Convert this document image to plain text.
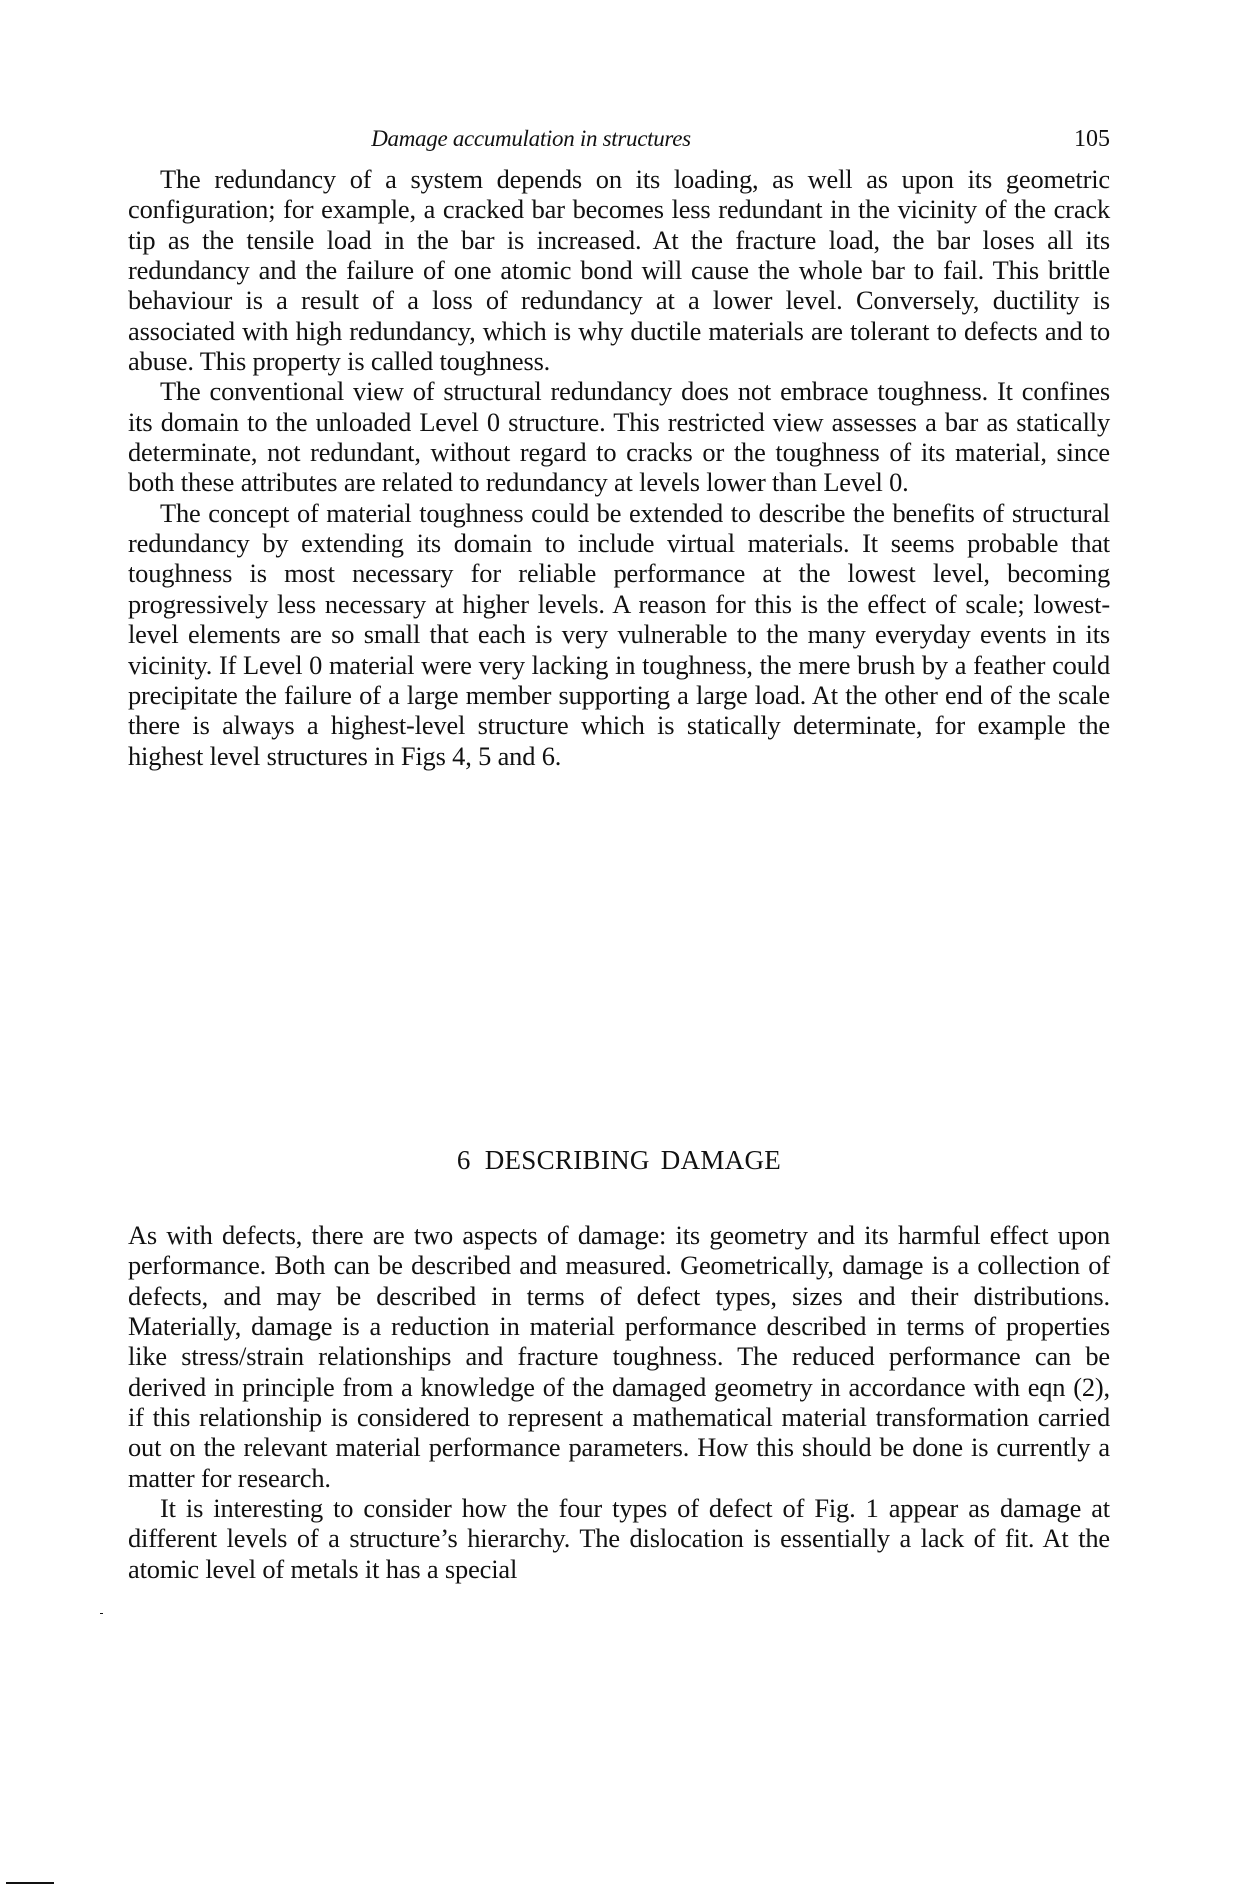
Damage accumulation in structures	105

The redundancy of a system depends on its loading, as well as upon its geometric configuration; for example, a cracked bar becomes less redundant in the vicinity of the crack tip as the tensile load in the bar is increased. At the fracture load, the bar loses all its redundancy and the failure of one atomic bond will cause the whole bar to fail. This brittle behaviour is a result of a loss of redundancy at a lower level. Conversely, ductility is associated with high redundancy, which is why ductile materials are tolerant to defects and to abuse. This property is called toughness.

The conventional view of structural redundancy does not embrace toughness. It confines its domain to the unloaded Level 0 structure. This restricted view assesses a bar as statically determinate, not redundant, without regard to cracks or the toughness of its material, since both these attributes are related to redundancy at levels lower than Level 0.

The concept of material toughness could be extended to describe the benefits of structural redundancy by extending its domain to include virtual materials. It seems probable that toughness is most necessary for reliable performance at the lowest level, becoming progressively less necessary at higher levels. A reason for this is the effect of scale; lowest-level elements are so small that each is very vulnerable to the many everyday events in its vicinity. If Level 0 material were very lacking in toughness, the mere brush by a feather could precipitate the failure of a large member supporting a large load. At the other end of the scale there is always a highest-level structure which is statically determinate, for example the highest level structures in Figs 4, 5 and 6.

6 DESCRIBING DAMAGE

As with defects, there are two aspects of damage: its geometry and its harmful effect upon performance. Both can be described and measured. Geometrically, damage is a collection of defects, and may be described in terms of defect types, sizes and their distributions. Materially, damage is a reduction in material performance described in terms of properties like stress/strain relationships and fracture toughness. The reduced performance can be derived in principle from a knowledge of the damaged geometry in accordance with eqn (2), if this relationship is considered to represent a mathematical material transformation carried out on the relevant material performance parameters. How this should be done is currently a matter for research.

It is interesting to consider how the four types of defect of Fig. 1 appear as damage at different levels of a structure’s hierarchy. The dislocation is essentially a lack of fit. At the atomic level of metals it has a special
